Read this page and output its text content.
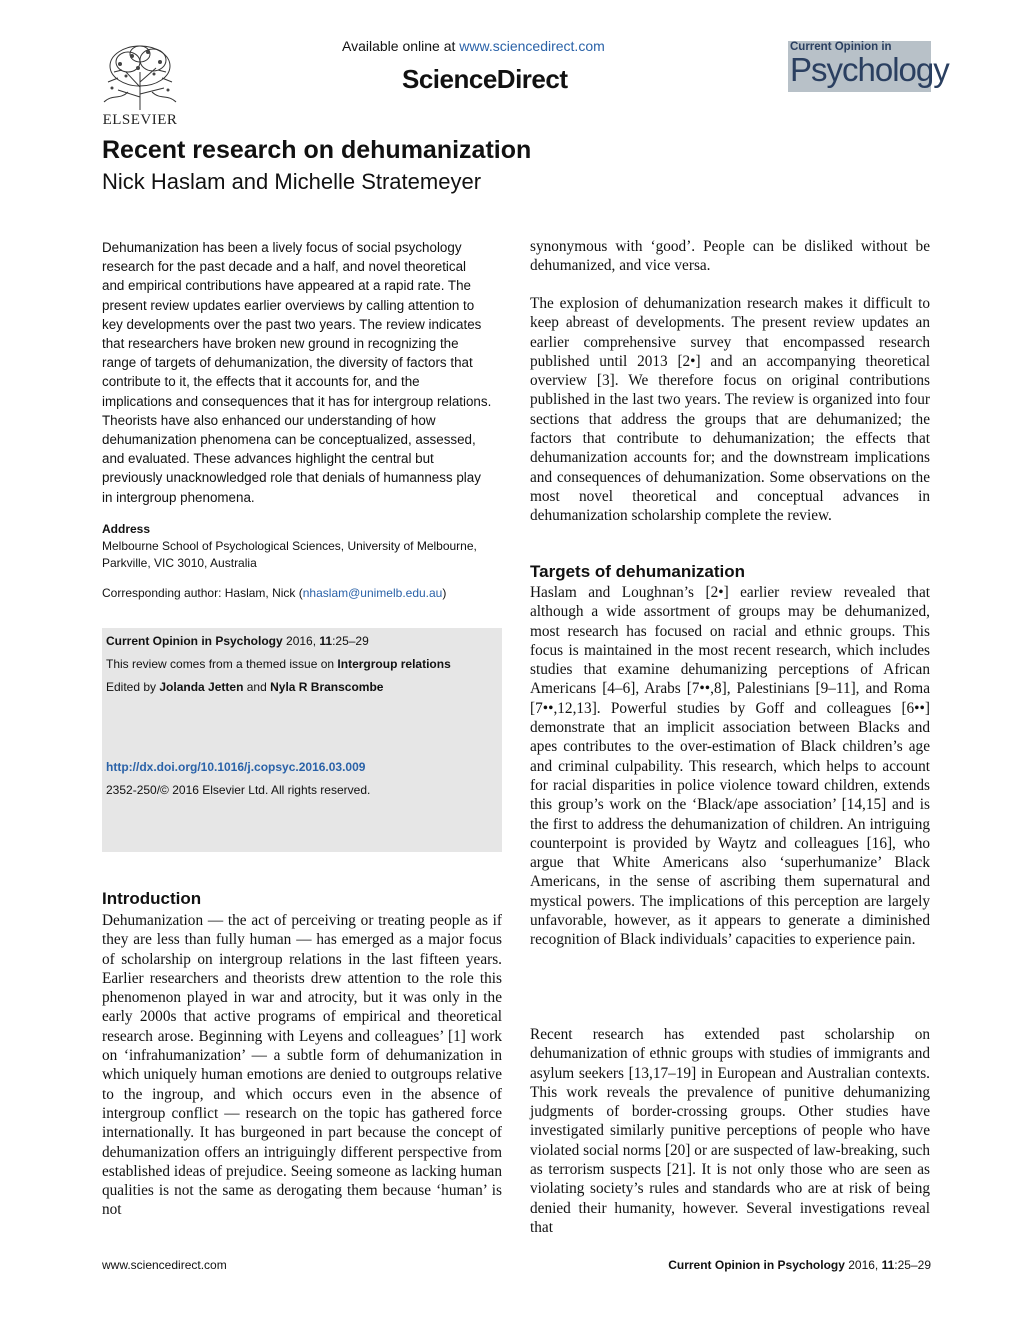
ELSEVIER
Available online at www.sciencedirect.com
ScienceDirect
Current Opinion in
Psychology
Recent research on dehumanization
Nick Haslam and Michelle Stratemeyer
Dehumanization has been a lively focus of social psychology research for the past decade and a half, and novel theoretical and empirical contributions have appeared at a rapid rate. The present review updates earlier overviews by calling attention to key developments over the past two years. The review indicates that researchers have broken new ground in recognizing the range of targets of dehumanization, the diversity of factors that contribute to it, the effects that it accounts for, and the implications and consequences that it has for intergroup relations. Theorists have also enhanced our understanding of how dehumanization phenomena can be conceptualized, assessed, and evaluated. These advances highlight the central but previously unacknowledged role that denials of humanness play in intergroup phenomena.
Address
Melbourne School of Psychological Sciences, University of Melbourne,
Parkville, VIC 3010, Australia
Corresponding author: Haslam, Nick (nhaslam@unimelb.edu.au)
Current Opinion in Psychology 2016, 11:25–29
This review comes from a themed issue on Intergroup relations
Edited by Jolanda Jetten and Nyla R Branscombe
http://dx.doi.org/10.1016/j.copsyc.2016.03.009
2352-250/© 2016 Elsevier Ltd. All rights reserved.
Introduction
Dehumanization — the act of perceiving or treating people as if they are less than fully human — has emerged as a major focus of scholarship on intergroup relations in the last fifteen years. Earlier researchers and theorists drew attention to the role this phenomenon played in war and atrocity, but it was only in the early 2000s that active programs of empirical and theoretical research arose. Beginning with Leyens and colleagues’ [1] work on ‘infrahumanization’ — a subtle form of dehumanization in which uniquely human emotions are denied to outgroups relative to the ingroup, and which occurs even in the absence of intergroup conflict — research on the topic has gathered force internationally. It has burgeoned in part because the concept of dehumanization offers an intriguingly different perspective from established ideas of prejudice. Seeing someone as lacking human qualities is not the same as derogating them because ‘human’ is not
synonymous with ‘good’. People can be disliked without be dehumanized, and vice versa.
The explosion of dehumanization research makes it difficult to keep abreast of developments. The present review updates an earlier comprehensive survey that encompassed research published until 2013 [2•] and an accompanying theoretical overview [3]. We therefore focus on original contributions published in the last two years. The review is organized into four sections that address the groups that are dehumanized; the factors that contribute to dehumanization; the effects that dehumanization accounts for; and the downstream implications and consequences of dehumanization. Some observations on the most novel theoretical and conceptual advances in dehumanization scholarship complete the review.
Targets of dehumanization
Haslam and Loughnan’s [2•] earlier review revealed that although a wide assortment of groups may be dehumanized, most research has focused on racial and ethnic groups. This focus is maintained in the most recent research, which includes studies that examine dehumanizing perceptions of African Americans [4–6], Arabs [7••,8], Palestinians [9–11], and Roma [7••,12,13]. Powerful studies by Goff and colleagues [6••] demonstrate that an implicit association between Blacks and apes contributes to the over-estimation of Black children’s age and criminal culpability. This research, which helps to account for racial disparities in police violence toward children, extends this group’s work on the ‘Black/ape association’ [14,15] and is the first to address the dehumanization of children. An intriguing counterpoint is provided by Waytz and colleagues [16], who argue that White Americans also ‘superhumanize’ Black Americans, in the sense of ascribing them supernatural and mystical powers. The implications of this perception are largely unfavorable, however, as it appears to generate a diminished recognition of Black individuals’ capacities to experience pain.
Recent research has extended past scholarship on dehumanization of ethnic groups with studies of immigrants and asylum seekers [13,17–19] in European and Australian contexts. This work reveals the prevalence of punitive dehumanizing judgments of border-crossing groups. Other studies have investigated similarly punitive perceptions of people who have violated social norms [20] or are suspected of law-breaking, such as terrorism suspects [21]. It is not only those who are seen as violating society’s rules and standards who are at risk of being denied their humanity, however. Several investigations reveal that
www.sciencedirect.com	Current Opinion in Psychology 2016, 11:25–29
